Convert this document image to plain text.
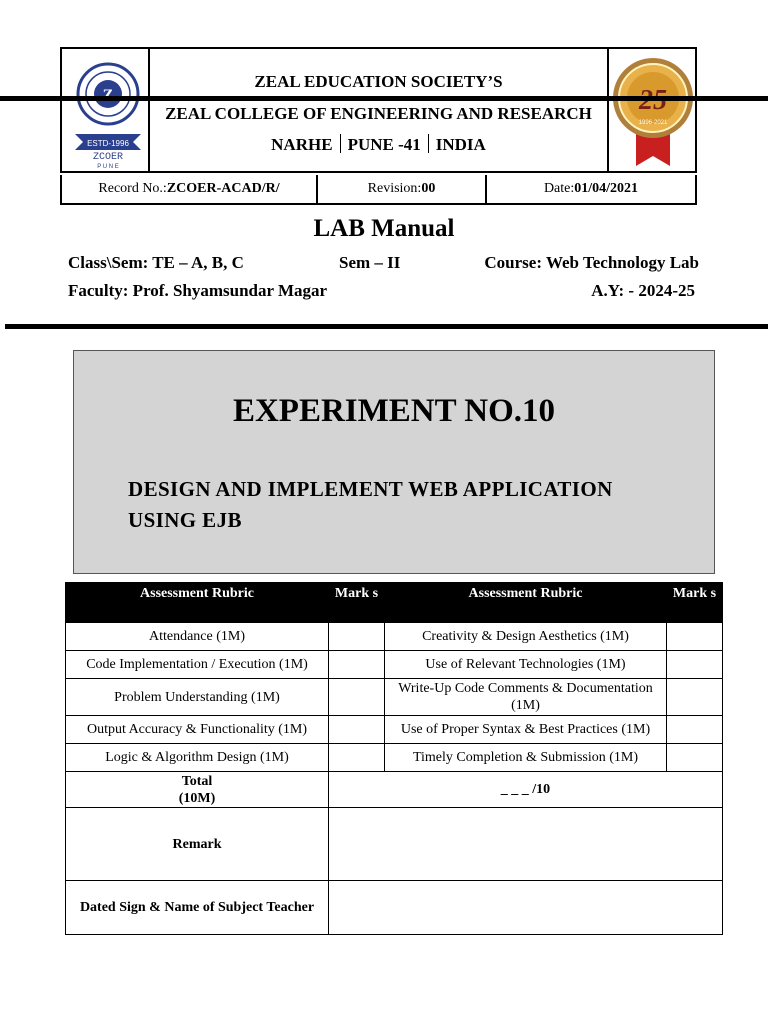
ESTD-1996
ZCOER
P U N E
1996-2021
ZEAL EDUCATION SOCIETY’S
ZEAL COLLEGE OF ENGINEERING AND RESEARCH
NARHE PUNE -41 INDIA
Record No.: ZCOER-ACAD/R/	Revision: 00	Date: 01/04/2021
LAB Manual
Class\Sem: TE – A, B, C	Sem – II	Course: Web Technology Lab
Faculty: Prof. Shyamsundar Magar	A.Y: - 2024-25
EXPERIMENT NO.10
DESIGN AND IMPLEMENT WEB APPLICATION
USING EJB
Assessment Rubric	Mark s	Assessment Rubric	Mark s
Attendance (1M)		Creativity & Design Aesthetics (1M)	
Code Implementation / Execution (1M)		Use of Relevant Technologies (1M)	
Problem Understanding (1M)		Write-Up Code Comments & Documentation (1M)	
Output Accuracy & Functionality (1M)		Use of Proper Syntax & Best Practices (1M)	
Logic & Algorithm Design (1M)		Timely Completion & Submission (1M)	

Total
(10M)	_ _ _ /10		
Remark			
Dated Sign & Name of Subject Teacher			
